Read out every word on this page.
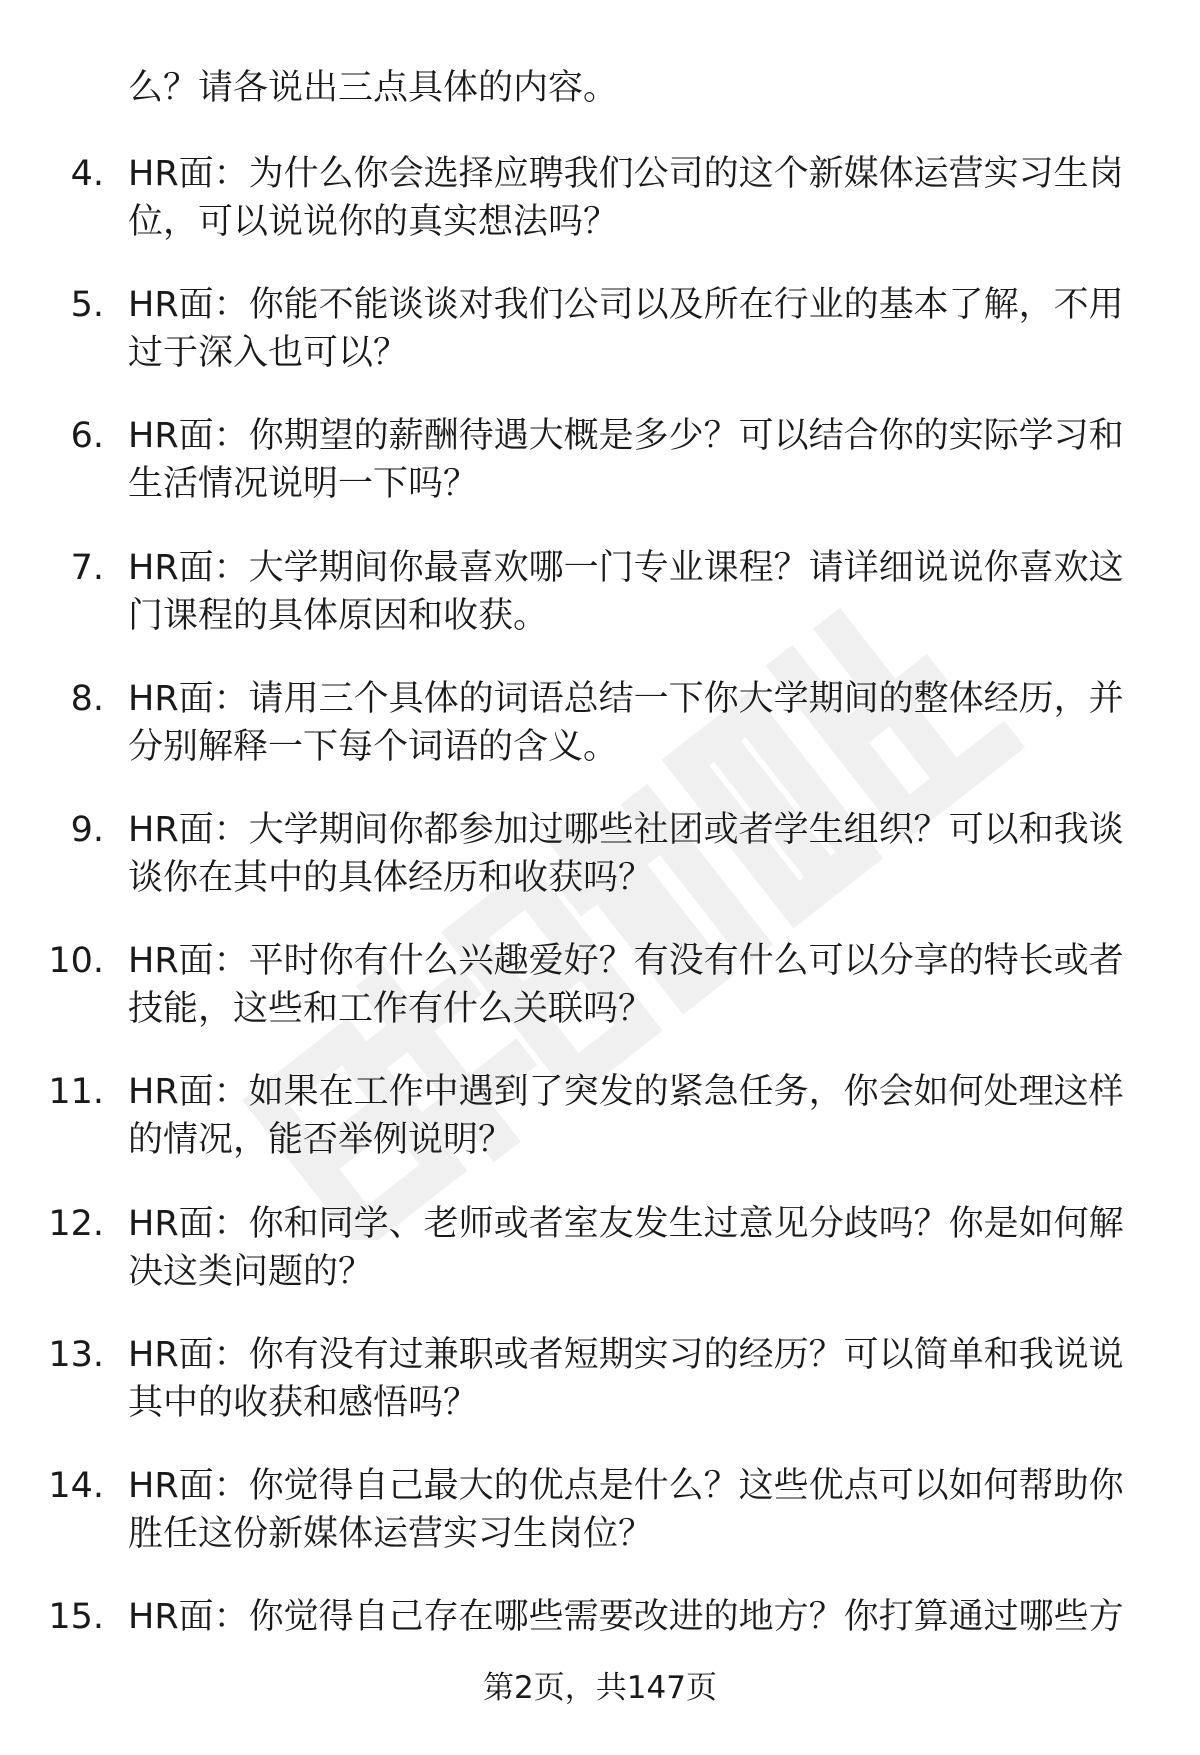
么？请各说出三点具体的内容。

4. HR面：为什么你会选择应聘我们公司的这个新媒体运营实习生岗
位，可以说说你的真实想法吗？
5. HR面：你能不能谈谈对我们公司以及所在行业的基本了解，不用
过于深入也可以？
6. HR面：你期望的薪酬待遇大概是多少？可以结合你的实际学习和
生活情况说明一下吗？
7. HR面：大学期间你最喜欢哪一门专业课程？请详细说说你喜欢这
门课程的具体原因和收获。
8. HR面：请用三个具体的词语总结一下你大学期间的整体经历，并
分别解释一下每个词语的含义。
9. HR面：大学期间你都参加过哪些社团或者学生组织？可以和我谈
谈你在其中的具体经历和收获吗？
10. HR面：平时你有什么兴趣爱好？有没有什么可以分享的特长或者
技能，这些和工作有什么关联吗？
11. HR面：如果在工作中遇到了突发的紧急任务，你会如何处理这样
的情况，能否举例说明？
12. HR面：你和同学、老师或者室友发生过意见分歧吗？你是如何解
决这类问题的？
13. HR面：你有没有过兼职或者短期实习的经历？可以简单和我说说
其中的收获和感悟吗？
14. HR面：你觉得自己最大的优点是什么？这些优点可以如何帮助你
胜任这份新媒体运营实习生岗位？
15. HR面：你觉得自己存在哪些需要改进的地方？你打算通过哪些方
第2页，共147页
